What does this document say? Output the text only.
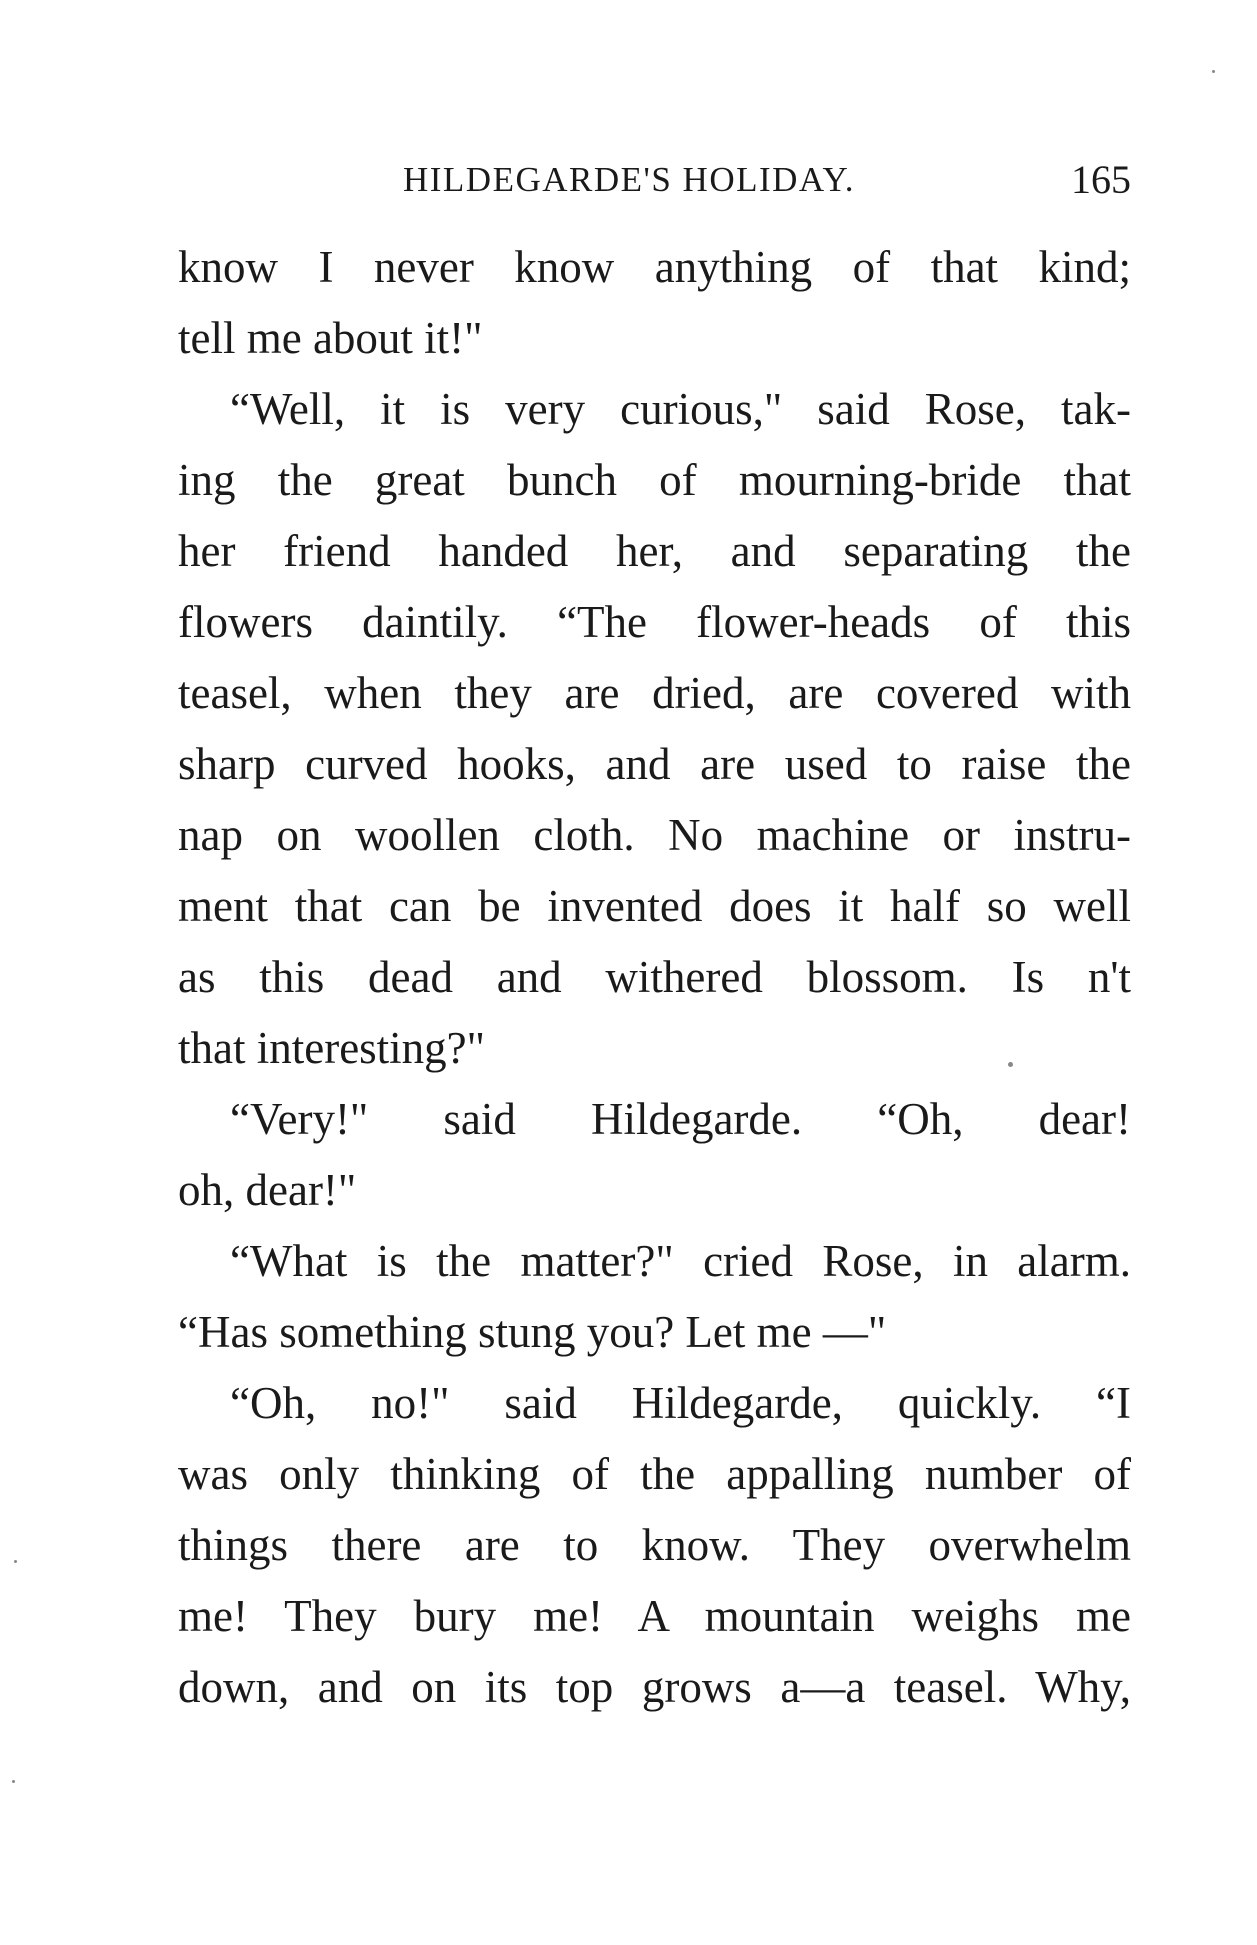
HILDEGARDE'S HOLIDAY.	165
know I never know anything of that kind;
tell me about it!"
“Well, it is very curious," said Rose, tak-
ing the great bunch of mourning-bride that
her friend handed her, and separating the
flowers daintily. “The flower-heads of this
teasel, when they are dried, are covered with
sharp curved hooks, and are used to raise the
nap on woollen cloth. No machine or instru-
ment that can be invented does it half so well
as this dead and withered blossom. Is n't
that interesting?"
“Very!" said Hildegarde. “Oh, dear!
oh, dear!"
“What is the matter?" cried Rose, in alarm.
“Has something stung you? Let me —"
“Oh, no!" said Hildegarde, quickly. “I
was only thinking of the appalling number of
things there are to know. They overwhelm
me! They bury me! A mountain weighs me
down, and on its top grows a—a teasel. Why,
